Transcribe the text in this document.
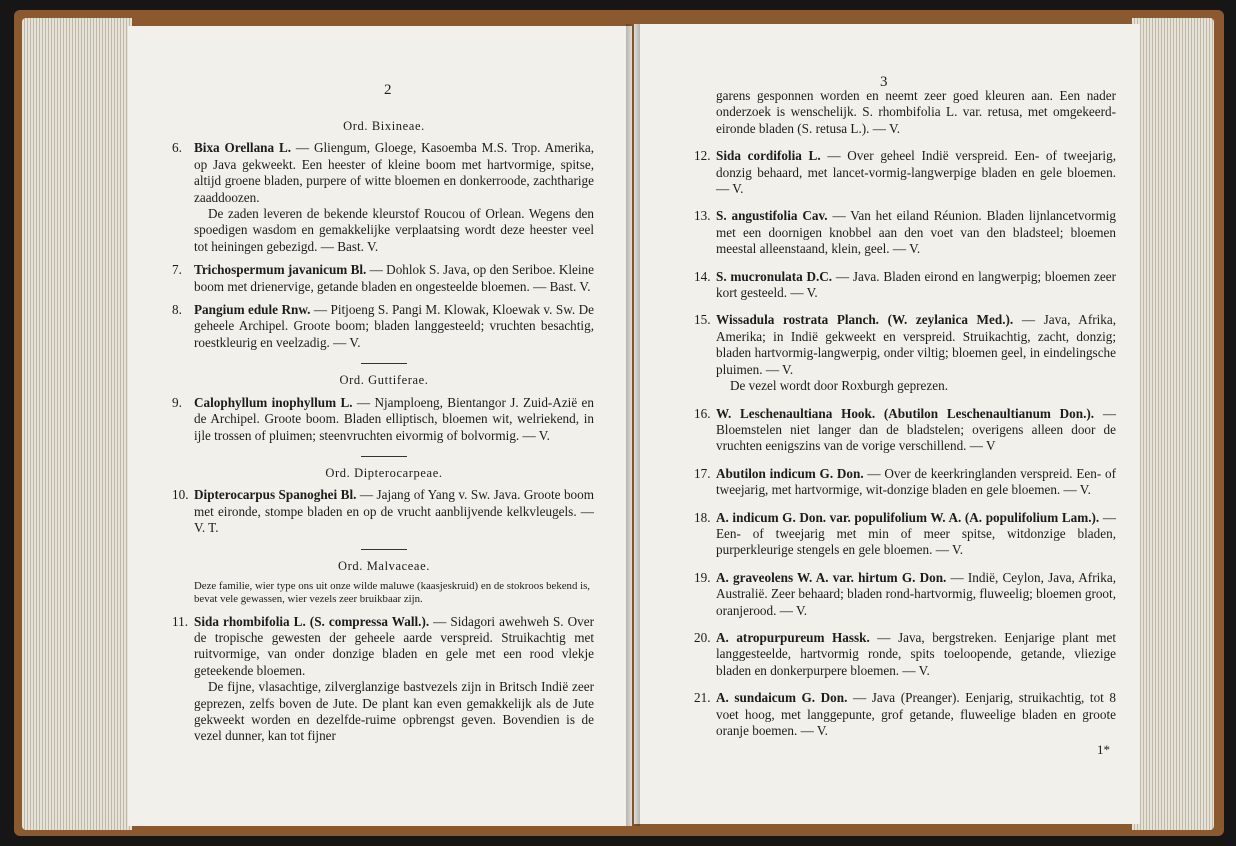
2
Ord. Bixineae.
6. Bixa Orellana L. — Gliengum, Gloege, Kasoemba M.S. Trop. Amerika, op Java gekweekt. Een heester of kleine boom met hartvormige, spitse, altijd groene bladen, purpere of witte bloemen en donkerroode, zachtharige zaaddoozen.
De zaden leveren de bekende kleurstof Roucou of Orlean. Wegens den spoedigen wasdom en gemakkelijke verplaatsing wordt deze heester veel tot heiningen gebezigd. — Bast. V.
7. Trichospermum javanicum Bl. — Dohlok S. Java, op den Seriboe. Kleine boom met drienervige, getande bladen en ongesteelde bloemen. — Bast. V.
8. Pangium edule Rnw. — Pitjoeng S. Pangi M. Klowak, Kloewak v. Sw. De geheele Archipel. Groote boom; bladen langgesteeld; vruchten besachtig, roestkleurig en veelzadig. — V.
Ord. Guttiferae.
9. Calophyllum inophyllum L. — Njamploeng, Bientangor J. Zuid-Azië en de Archipel. Groote boom. Bladen elliptisch, bloemen wit, welriekend, in ijle trossen of pluimen; steenvruchten eivormig of bolvormig. — V.
Ord. Dipterocarpeae.
10. Dipterocarpus Spanoghei Bl. — Jajang of Yang v. Sw. Java. Groote boom met eironde, stompe bladen en op de vrucht aanblijvende kelkvleugels. — V. T.
Ord. Malvaceae.
Deze familie, wier type ons uit onze wilde maluwe (kaasjeskruid) en de stokroos bekend is, bevat vele gewassen, wier vezels zeer bruikbaar zijn.
11. Sida rhombifolia L. (S. compressa Wall.). — Sidagori awehweh S. Over de tropische gewesten der geheele aarde verspreid. Struikachtig met ruitvormige, van onder donzige bladen en gele met een rood vlekje geteekende bloemen.
De fijne, vlasachtige, zilverglanzige bastvezels zijn in Britsch Indië zeer geprezen, zelfs boven de Jute. De plant kan even gemakkelijk als de Jute gekweekt worden en dezelfde-ruime opbrengst geven. Bovendien is de vezel dunner, kan tot fijner
3
garens gesponnen worden en neemt zeer goed kleuren aan. Een nader onderzoek is wenschelijk. S. rhombifolia L. var. retusa, met omgekeerd-eironde bladen (S. retusa L.). — V.
12. Sida cordifolia L. — Over geheel Indië verspreid. Een- of tweejarig, donzig behaard, met lancet-vormig-langwerpige bladen en gele bloemen. — V.
13. S. angustifolia Cav. — Van het eiland Réunion. Bladen lijnlancetvormig met een doornigen knobbel aan den voet van den bladsteel; bloemen meestal alleenstaand, klein, geel. — V.
14. S. mucronulata D.C. — Java. Bladen eirond en langwerpig; bloemen zeer kort gesteeld. — V.
15. Wissadula rostrata Planch. (W. zeylanica Med.). — Java, Afrika, Amerika; in Indië gekweekt en verspreid. Struikachtig, zacht, donzig; bladen hartvormig-langwerpig, onder viltig; bloemen geel, in eindelingsche pluimen. — V.
De vezel wordt door Roxburgh geprezen.
16. W. Leschenaultiana Hook. (Abutilon Leschenaultianum Don.). — Bloemstelen niet langer dan de bladstelen; overigens alleen door de vruchten eenigszins van de vorige verschillend. — V
17. Abutilon indicum G. Don. — Over de keerkringlanden verspreid. Een- of tweejarig, met hartvormige, wit-donzige bladen en gele bloemen. — V.
18. A. indicum G. Don. var. populifolium W. A. (A. populifolium Lam.). — Een- of tweejarig met min of meer spitse, witdonzige bladen, purperkleurige stengels en gele bloemen. — V.
19. A. graveolens W. A. var. hirtum G. Don. — Indië, Ceylon, Java, Afrika, Australië. Zeer behaard; bladen rond-hartvormig, fluweelig; bloemen groot, oranjerood. — V.
20. A. atropurpureum Hassk. — Java, bergstreken. Eenjarige plant met langgesteelde, hartvormig ronde, spits toeloopende, getande, vliezige bladen en donkerpurpere bloemen. — V.
21. A. sundaicum G. Don. — Java (Preanger). Eenjarig, struikachtig, tot 8 voet hoog, met langgepunte, grof getande, fluweelige bladen en groote oranje boemen. — V.
1*
